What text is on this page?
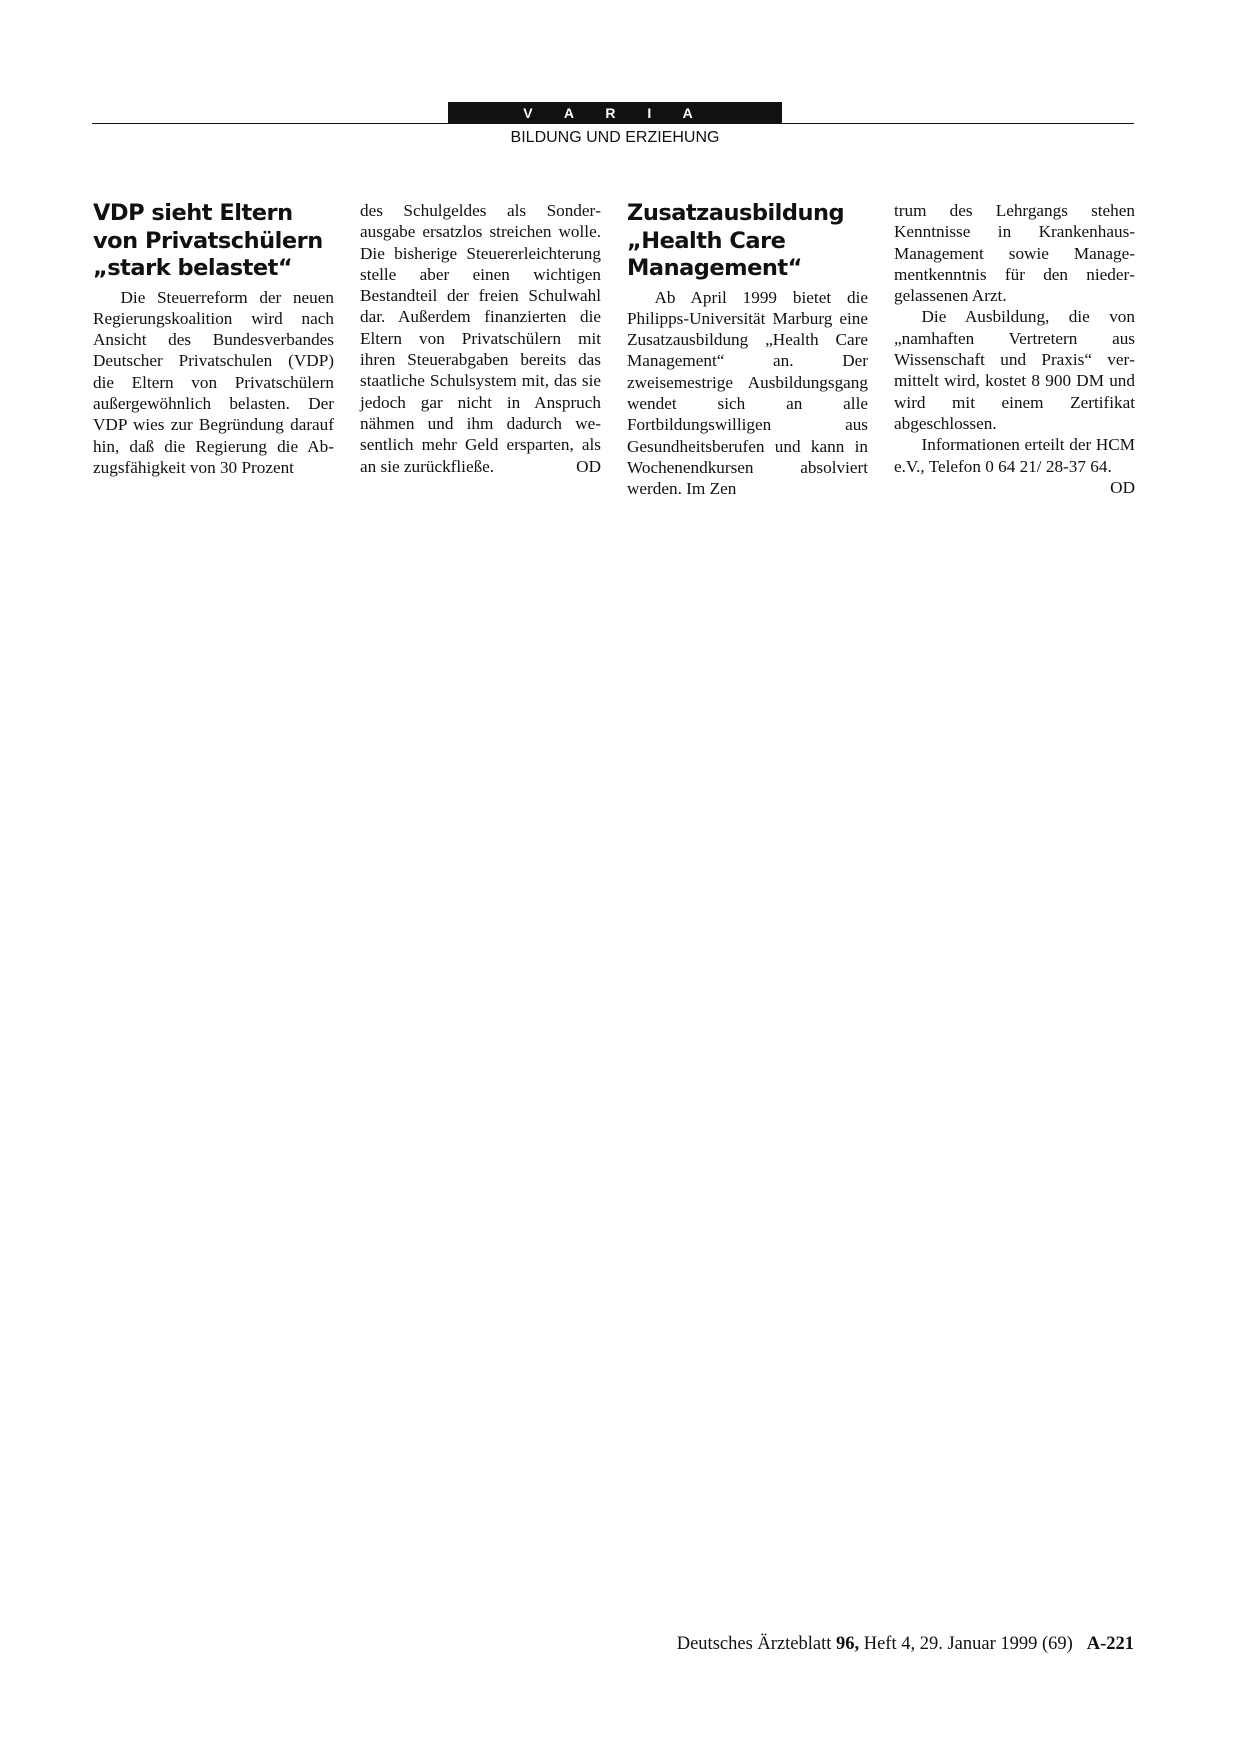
V A R I A
BILDUNG UND ERZIEHUNG
VDP sieht Eltern von Privatschülern „stark belastet“

Die Steuerreform der neuen Regierungskoalition wird nach Ansicht des Bundesverbandes Deutscher Privatschulen (VDP) die Eltern von Privatschülern außergewöhnlich belasten. Der VDP wies zur Begründung darauf hin, daß die Regierung die Abzugsfähigkeit von 30 Prozent

des Schulgeldes als Sonderausgabe ersatzlos streichen wolle. Die bisherige Steuererleichterung stelle aber einen wichtigen Bestandteil der freien Schulwahl dar. Außerdem finanzierten die Eltern von Privatschülern mit ihren Steuerabgaben bereits das staatliche Schulsystem mit, das sie jedoch gar nicht in Anspruch nähmen und ihm dadurch wesentlich mehr Geld ersparten, als an sie zurückfließe.	OD

Zusatzausbildung „Health Care Management“

Ab April 1999 bietet die Philipps-Universität Marburg eine Zusatzausbildung „Health Care Management“ an. Der zweisemestrige Ausbildungsgang wendet sich an alle Fortbildungswilligen aus Gesundheitsberufen und kann in Wochenendkursen absolviert werden. Im Zen

trum des Lehrgangs stehen Kenntnisse in Krankenhaus-Management sowie Managementkenntnis für den niedergelassenen Arzt.

Die Ausbildung, die von „namhaften Vertretern aus Wissenschaft und Praxis“ vermittelt wird, kostet 8 900 DM und wird mit einem Zertifikat abgeschlossen.

Informationen erteilt der HCM e.V., Telefon 0 64 21/ 28-37 64.
OD

Deutsches Ärzteblatt 96, Heft 4, 29. Januar 1999 (69) A-221
